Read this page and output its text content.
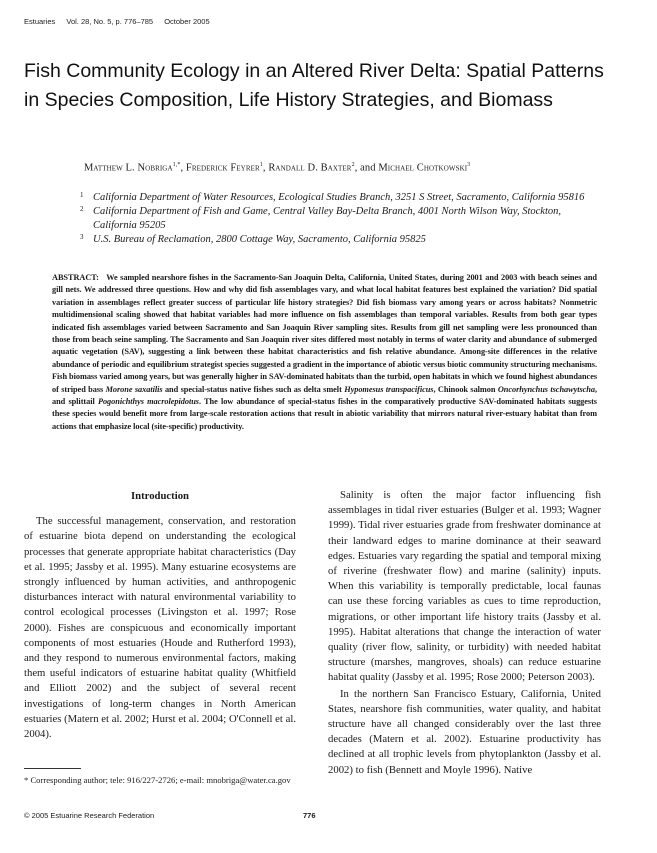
Estuaries Vol. 28, No. 5, p. 776–785 October 2005
Fish Community Ecology in an Altered River Delta: Spatial Patterns in Species Composition, Life History Strategies, and Biomass
Matthew L. Nobriga$^{1,*}$, Frederick Feyrer$^1$, Randall D. Baxter$^2$, and Michael Chotkowski$^3$
1 California Department of Water Resources, Ecological Studies Branch, 3251 S Street, Sacramento, California 95816
2 California Department of Fish and Game, Central Valley Bay-Delta Branch, 4001 North Wilson Way, Stockton, California 95205
3 U.S. Bureau of Reclamation, 2800 Cottage Way, Sacramento, California 95825
ABSTRACT: We sampled nearshore fishes in the Sacramento-San Joaquin Delta, California, United States, during 2001 and 2003 with beach seines and gill nets. We addressed three questions. How and why did fish assemblages vary, and what local habitat features best explained the variation? Did spatial variation in assemblages reflect greater success of particular life history strategies? Did fish biomass vary among years or across habitats? Nonmetric multidimensional scaling showed that habitat variables had more influence on fish assemblages than temporal variables. Results from both gear types indicated fish assemblages varied between Sacramento and San Joaquin River sampling sites. Results from gill net sampling were less pronounced than those from beach seine sampling. The Sacramento and San Joaquin river sites differed most notably in terms of water clarity and abundance of submerged aquatic vegetation (SAV), suggesting a link between these habitat characteristics and fish relative abundance. Among-site differences in the relative abundance of periodic and equilibrium strategist species suggested a gradient in the importance of abiotic versus biotic community structuring mechanisms. Fish biomass varied among years, but was generally higher in SAV-dominated habitats than the turbid, open habitats in which we found highest abundances of striped bass Morone saxatilis and special-status native fishes such as delta smelt Hypomesus transpacificus, Chinook salmon Oncorhynchus tschawytscha, and splittail Pogonichthys macrolepidotus. The low abundance of special-status fishes in the comparatively productive SAV-dominated habitats suggests these species would benefit more from large-scale restoration actions that result in abiotic variability that mirrors natural river-estuary habitat than from actions that emphasize local (site-specific) productivity.
Introduction

The successful management, conservation, and restoration of estuarine biota depend on understanding the ecological processes that generate appropriate habitat characteristics (Day et al. 1995; Jassby et al. 1995). Many estuarine ecosystems are strongly influenced by human activities, and anthropogenic disturbances interact with natural environmental variability to control ecological processes (Livingston et al. 1997; Rose 2000). Fishes are conspicuous and economically important components of most estuaries (Houde and Rutherford 1993), and they respond to numerous environmental factors, making them useful indicators of estuarine habitat quality (Whitfield and Elliott 2002) and the subject of several recent investigations of long-term changes in North American estuaries (Matern et al. 2002; Hurst et al. 2004; O'Connell et al. 2004).

Salinity is often the major factor influencing fish assemblages in tidal river estuaries (Bulger et al. 1993; Wagner 1999). Tidal river estuaries grade from freshwater dominance at their landward edges to marine dominance at their seaward edges. Estuaries vary regarding the spatial and temporal mixing of riverine (freshwater flow) and marine (salinity) inputs. When this variability is temporally predictable, local faunas can use these forcing variables as cues to time reproduction, migrations, or other important life history traits (Jassby et al. 1995). Habitat alterations that change the interaction of water quality (river flow, salinity, or turbidity) with needed habitat structure (marshes, mangroves, shoals) can reduce estuarine habitat quality (Jassby et al. 1995; Rose 2000; Peterson 2003).

In the northern San Francisco Estuary, California, United States, nearshore fish communities, water quality, and habitat structure have all changed considerably over the last three decades (Matern et al. 2002). Estuarine productivity has declined at all trophic levels from phytoplankton (Jassby et al. 2002) to fish (Bennett and Moyle 1996). Native

* Corresponding author; tele: 916/227-2726; e-mail: mnobriga@water.ca.gov
© 2005 Estuarine Research Federation	776
